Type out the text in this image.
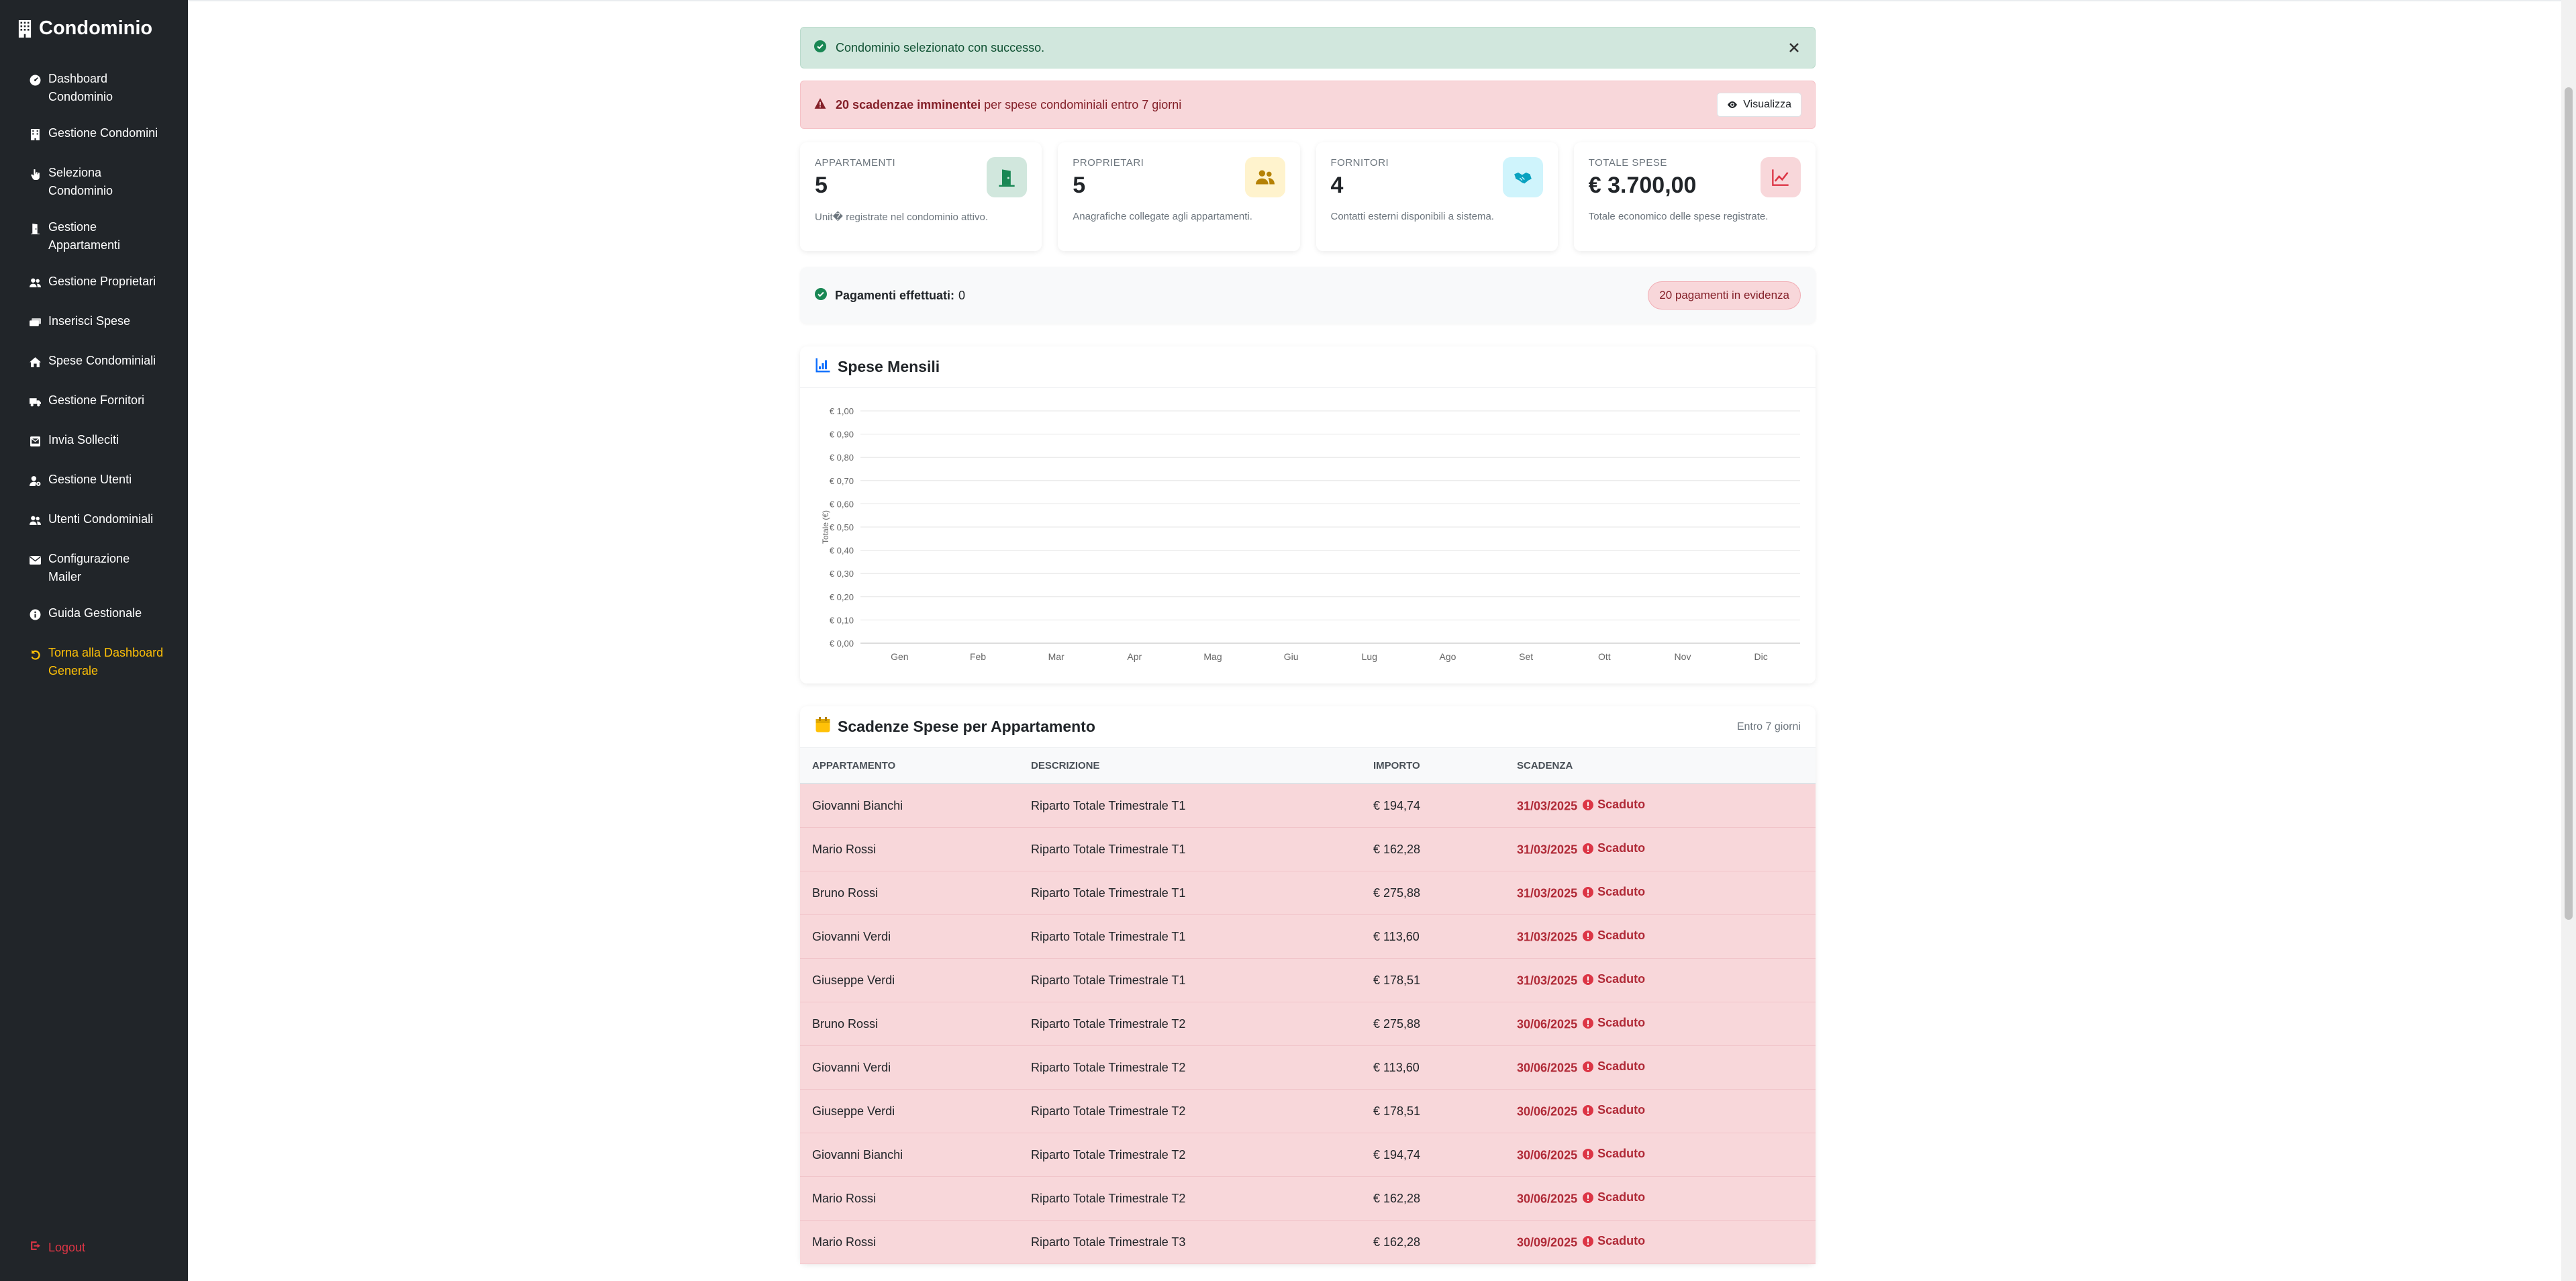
Condominio
Dashboard Condominio
Gestione Condomini
Seleziona Condominio
Gestione Appartamenti
Gestione Proprietari
Inserisci Spese
Spese Condominiali
Gestione Fornitori
Invia Solleciti
Gestione Utenti
Utenti Condominiali
Configurazione Mailer
Guida Gestionale
Torna alla Dashboard Generale
Logout
Condominio selezionato con successo.
20 scadenzae imminentei per spese condominiali entro 7 giorni	Visualizza
APPARTAMENTI
5
Unit� registrate nel condominio attivo.
PROPRIETARI
5
Anagrafiche collegate agli appartamenti.
FORNITORI
4
Contatti esterni disponibili a sistema.
TOTALE SPESE
€ 3.700,00
Totale economico delle spese registrate.
Pagamenti effettuati: 0	20 pagamenti in evidenza
Spese Mensili
€ 0,00
€ 0,10
€ 0,20
€ 0,30
€ 0,40
€ 0,50
€ 0,60
€ 0,70
€ 0,80
€ 0,90
€ 1,00
Gen	Feb	Mar	Apr	Mag	Giu	Lug	Ago	Set	Ott	Nov	Dic
Totale (€)
Scadenze Spese per Appartamento	Entro 7 giorni
APPARTAMENTO	DESCRIZIONE	IMPORTO	SCADENZA
Giovanni Bianchi	Riparto Totale Trimestrale T1	€ 194,74	31/03/2025 Scaduto

Mario Rossi	Riparto Totale Trimestrale T1	€ 162,28	31/03/2025 Scaduto

Bruno Rossi	Riparto Totale Trimestrale T1	€ 275,88	31/03/2025 Scaduto

Giovanni Verdi	Riparto Totale Trimestrale T1	€ 113,60	31/03/2025 Scaduto

Giuseppe Verdi	Riparto Totale Trimestrale T1	€ 178,51	31/03/2025 Scaduto

Bruno Rossi	Riparto Totale Trimestrale T2	€ 275,88	30/06/2025 Scaduto

Giovanni Verdi	Riparto Totale Trimestrale T2	€ 113,60	30/06/2025 Scaduto

Giuseppe Verdi	Riparto Totale Trimestrale T2	€ 178,51	30/06/2025 Scaduto

Giovanni Bianchi	Riparto Totale Trimestrale T2	€ 194,74	30/06/2025 Scaduto

Mario Rossi	Riparto Totale Trimestrale T2	€ 162,28	30/06/2025 Scaduto

Mario Rossi	Riparto Totale Trimestrale T3	€ 162,28	30/09/2025 Scaduto
